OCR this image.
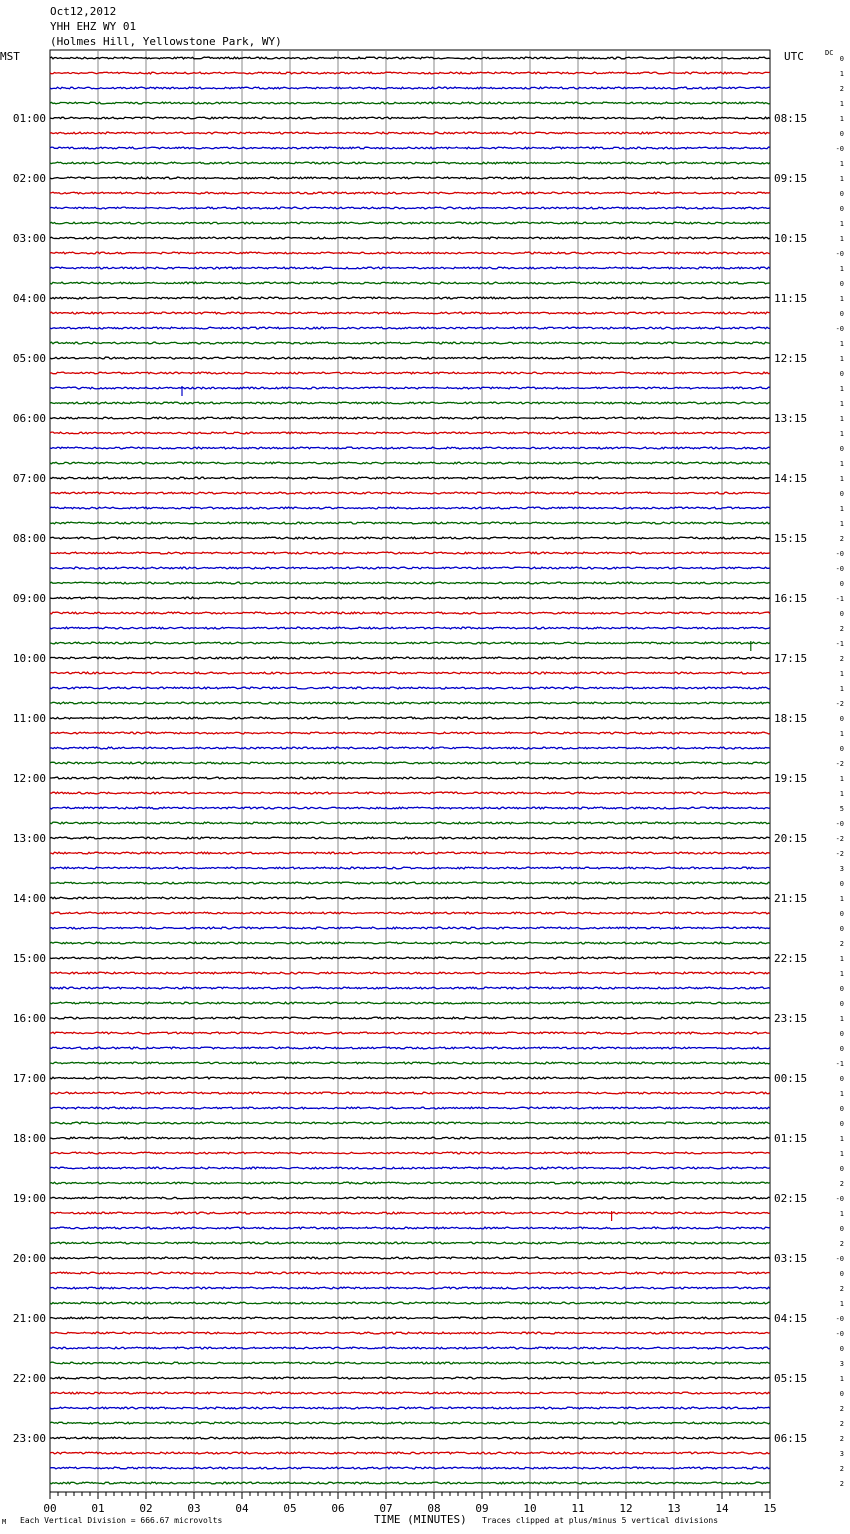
Oct12,2012
YHH EHZ WY 01
(Holmes Hill, Yellowstone Park, WY)
MST	UTC	DC
01:00
02:00
03:00
04:00
05:00
06:00
07:00
08:00
09:00
10:00
11:00
12:00
13:00
14:00
15:00
16:00
17:00
18:00
19:00
20:00
21:00
22:00
23:00
08:15
09:15
10:15
11:15
12:15
13:15
14:15
15:15
16:15
17:15
18:15
19:15
20:15
21:15
22:15
23:15
00:15
01:15
02:15
03:15
04:15
05:15
06:15
0
1
2
1
1
0
-0
1
1
0
0
1
1
-0
1
0
1
0
-0
1
1
0
1
1
1
1
0
1
1
0
1
1
2
-0
-0
0
-1
0
2
-1
2
1
1
-2
0
1
0
-2
1
1
5
-0
-2
-2
3
0
1
0
0
2
1
1
0
0
1
0
0
-1
0
1
0
0
1
1
0
2
-0
1
0
2
-0
0
2
1
-0
-0
0
3
1
0
2
2
2
3
2
2
00	01	02	03	04	05	06	07	08	09	10	11	12	13	14	15
M Each Vertical Division = 666.67 microvolts	TIME (MINUTES) Traces clipped at plus/minus 5 vertical divisions
